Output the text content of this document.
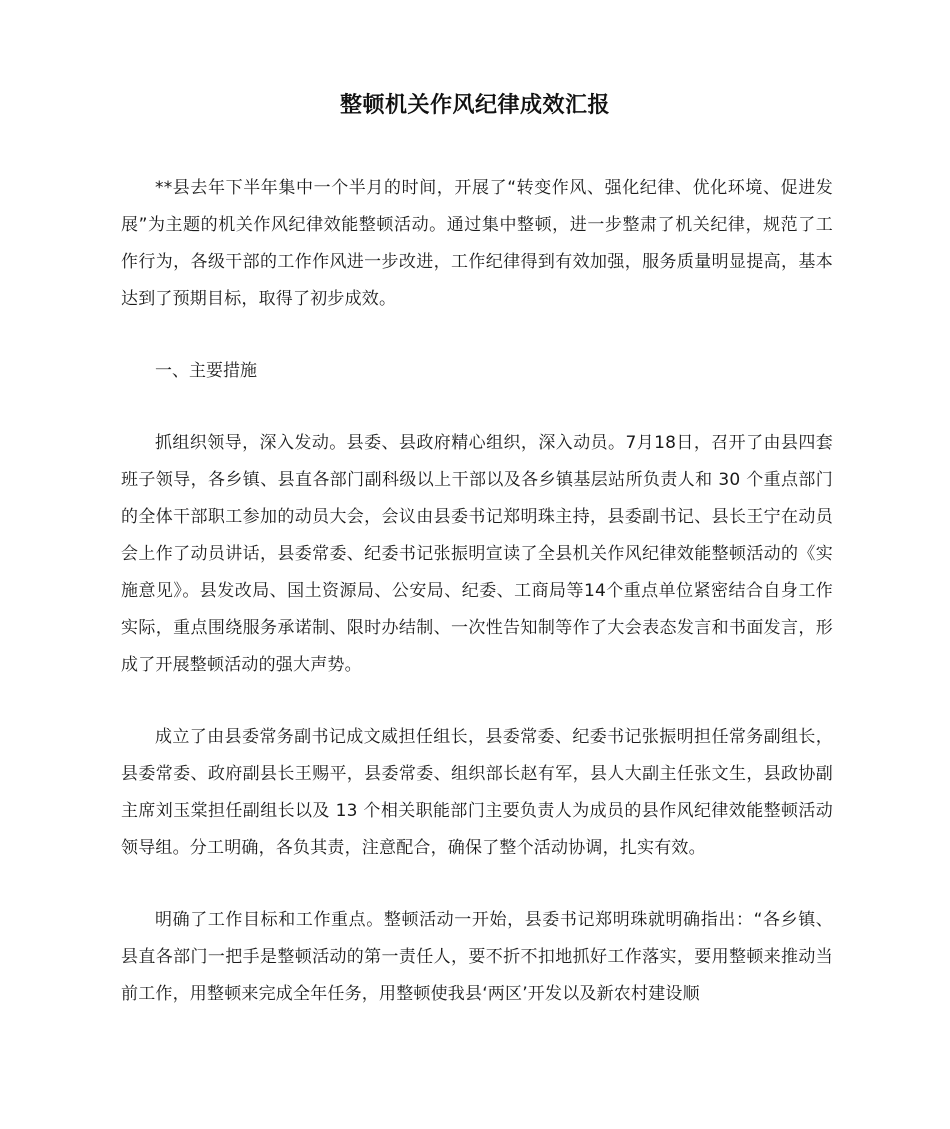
整顿机关作风纪律成效汇报

**县去年下半年集中一个半月的时间，开展了“转变作风、强化纪律、优化环境、促进发展”为主题的机关作风纪律效能整顿活动。通过集中整顿，进一步整肃了机关纪律，规范了工作行为，各级干部的工作作风进一步改进，工作纪律得到有效加强，服务质量明显提高，基本达到了预期目标，取得了初步成效。

一、主要措施

抓组织领导，深入发动。县委、县政府精心组织，深入动员。7月18日，召开了由县四套班子领导，各乡镇、县直各部门副科级以上干部以及各乡镇基层站所负责人和 30 个重点部门的全体干部职工参加的动员大会，会议由县委书记郑明珠主持，县委副书记、县长王宁在动员会上作了动员讲话，县委常委、纪委书记张振明宣读了全县机关作风纪律效能整顿活动的《实施意见》。县发改局、国土资源局、公安局、纪委、工商局等14个重点单位紧密结合自身工作实际，重点围绕服务承诺制、限时办结制、一次性告知制等作了大会表态发言和书面发言，形成了开展整顿活动的强大声势。

成立了由县委常务副书记成文威担任组长，县委常委、纪委书记张振明担任常务副组长，县委常委、政府副县长王赐平，县委常委、组织部长赵有军，县人大副主任张文生，县政协副主席刘玉棠担任副组长以及 13 个相关职能部门主要负责人为成员的县作风纪律效能整顿活动领导组。分工明确，各负其责，注意配合，确保了整个活动协调，扎实有效。

明确了工作目标和工作重点。整顿活动一开始，县委书记郑明珠就明确指出：“各乡镇、县直各部门一把手是整顿活动的第一责任人，要不折不扣地抓好工作落实，要用整顿来推动当前工作，用整顿来完成全年任务，用整顿使我县‘两区’开发以及新农村建设顺
